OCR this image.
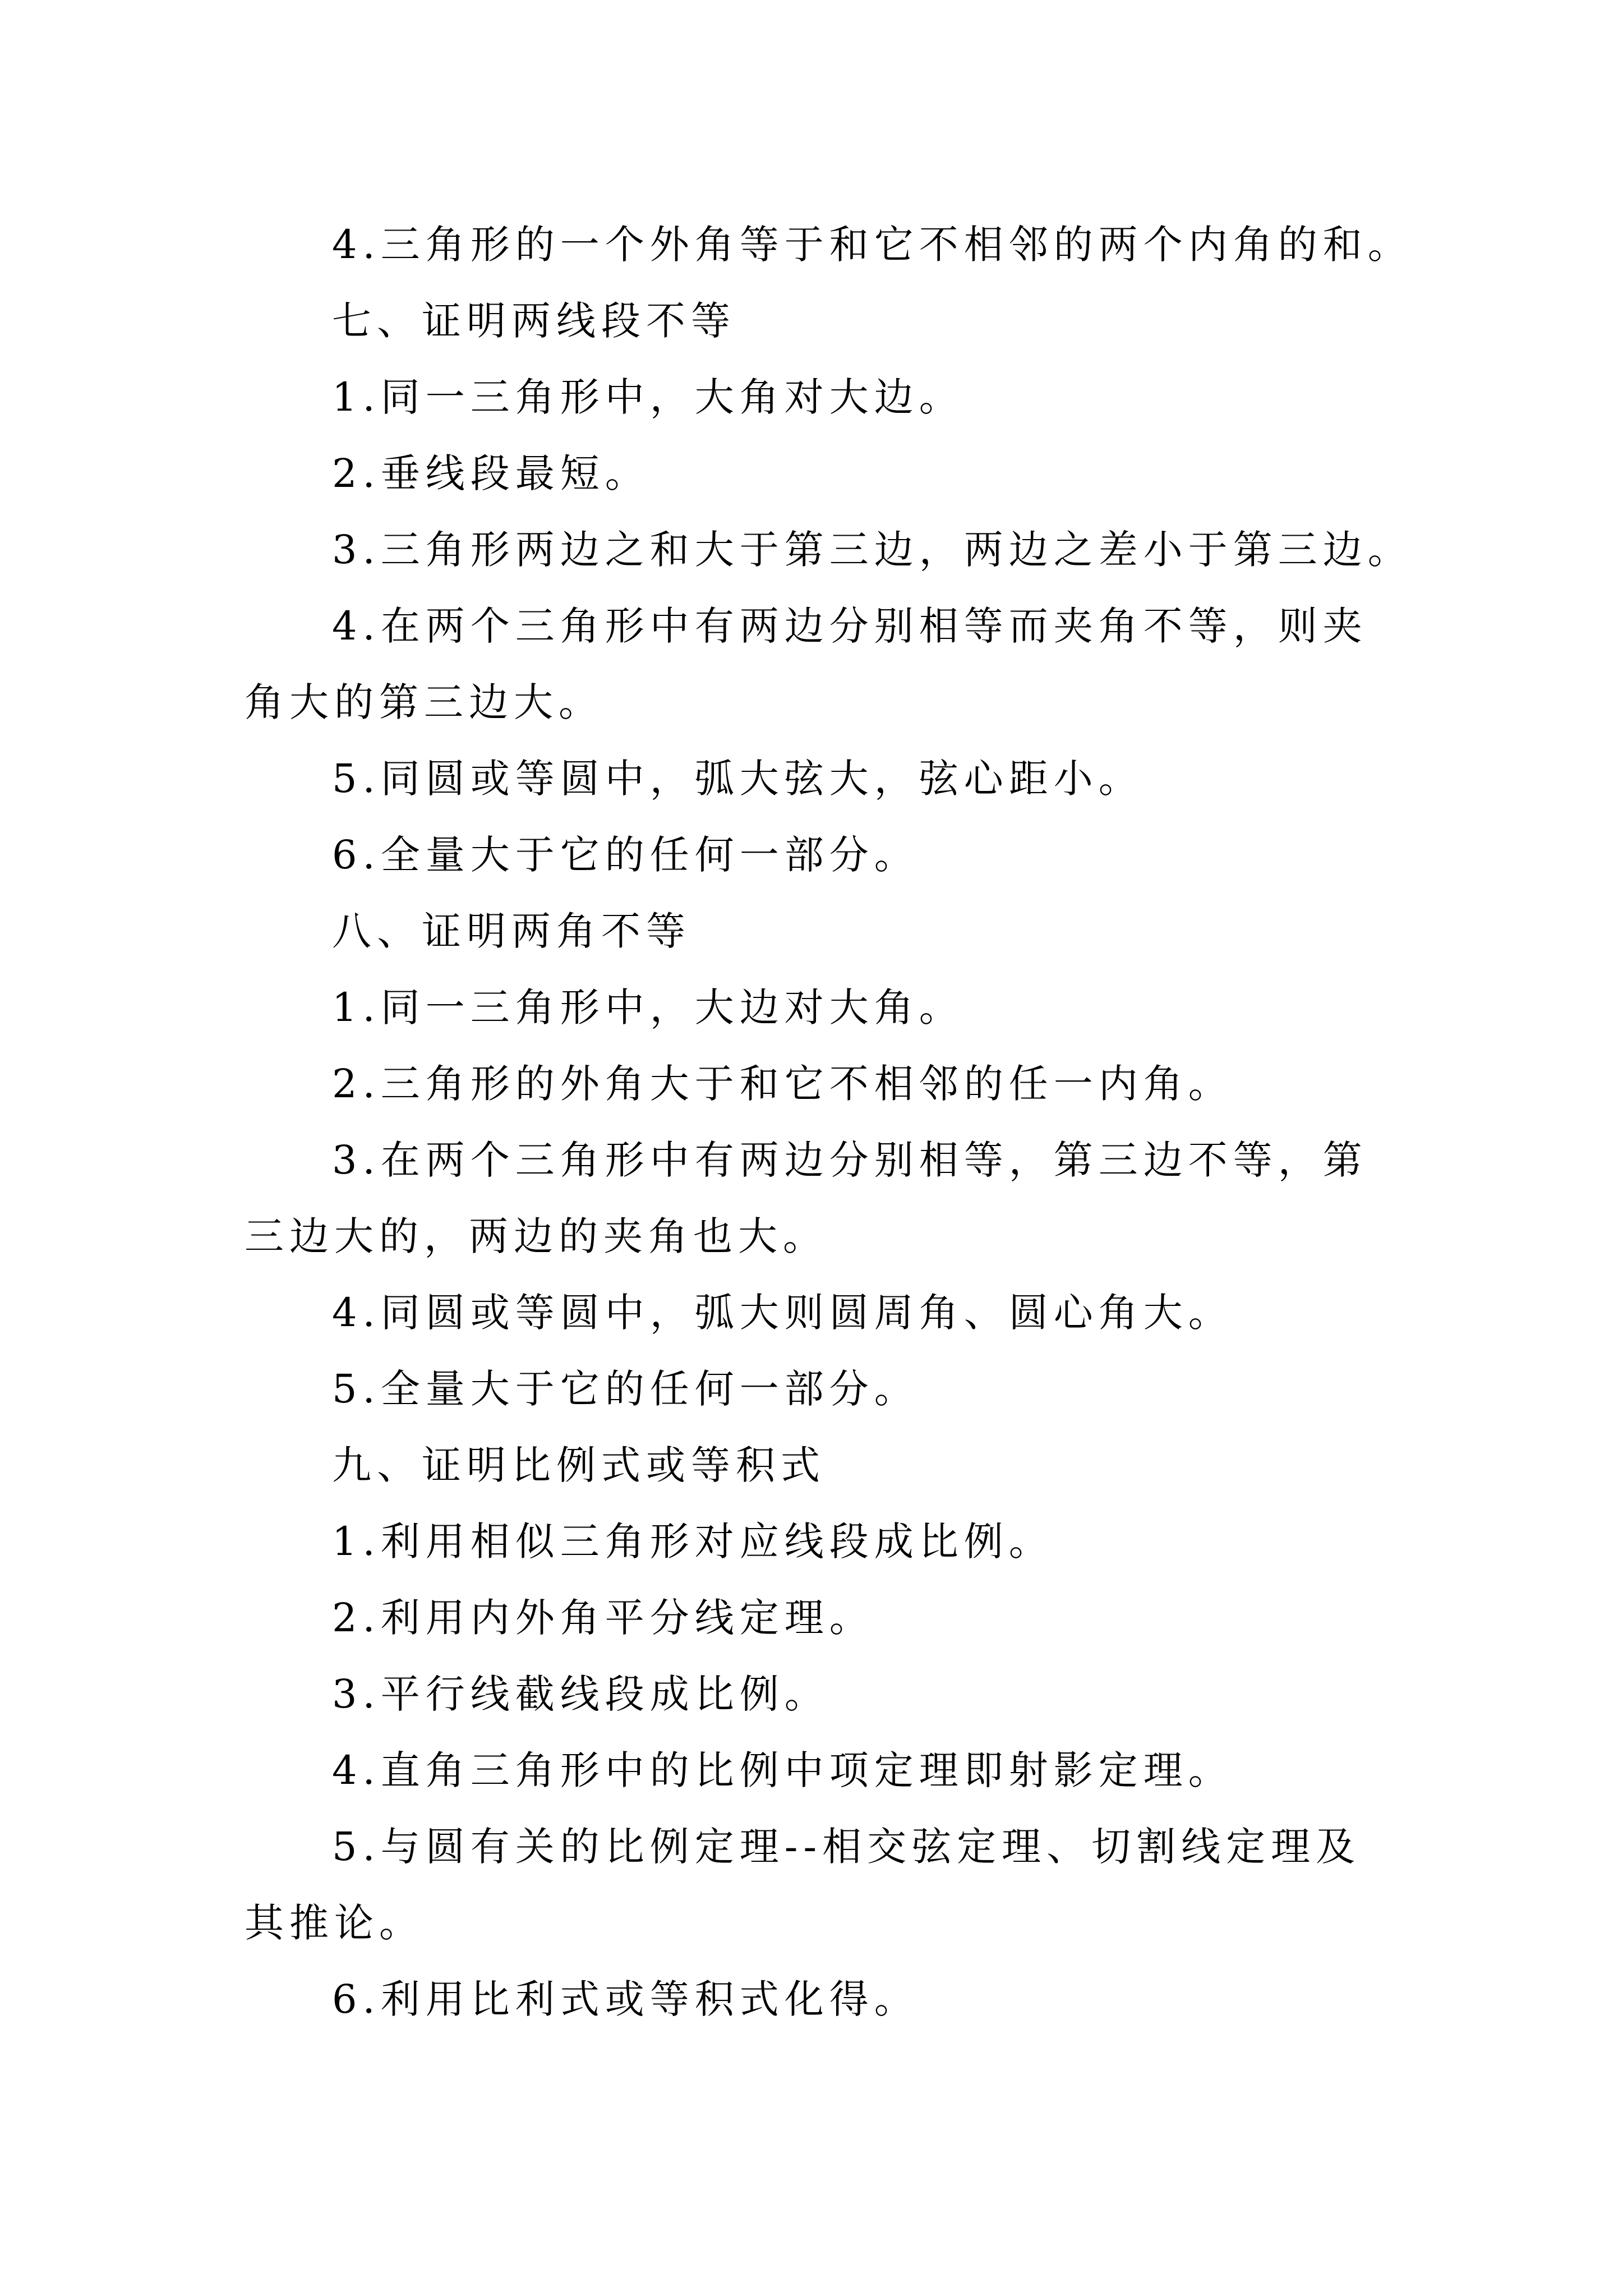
4.三角形的一个外角等于和它不相邻的两个内角的和。

七、证明两线段不等

1.同一三角形中，大角对大边。

2.垂线段最短。

3.三角形两边之和大于第三边，两边之差小于第三边。

4.在两个三角形中有两边分别相等而夹角不等，则夹角大的第三边大。

5.同圆或等圆中，弧大弦大，弦心距小。

6.全量大于它的任何一部分。

八、证明两角不等

1.同一三角形中，大边对大角。

2.三角形的外角大于和它不相邻的任一内角。

3.在两个三角形中有两边分别相等，第三边不等，第三边大的，两边的夹角也大。

4.同圆或等圆中，弧大则圆周角、圆心角大。

5.全量大于它的任何一部分。

九、证明比例式或等积式

1.利用相似三角形对应线段成比例。

2.利用内外角平分线定理。

3.平行线截线段成比例。

4.直角三角形中的比例中项定理即射影定理。

5.与圆有关的比例定理--相交弦定理、切割线定理及其推论。

6.利用比利式或等积式化得。
